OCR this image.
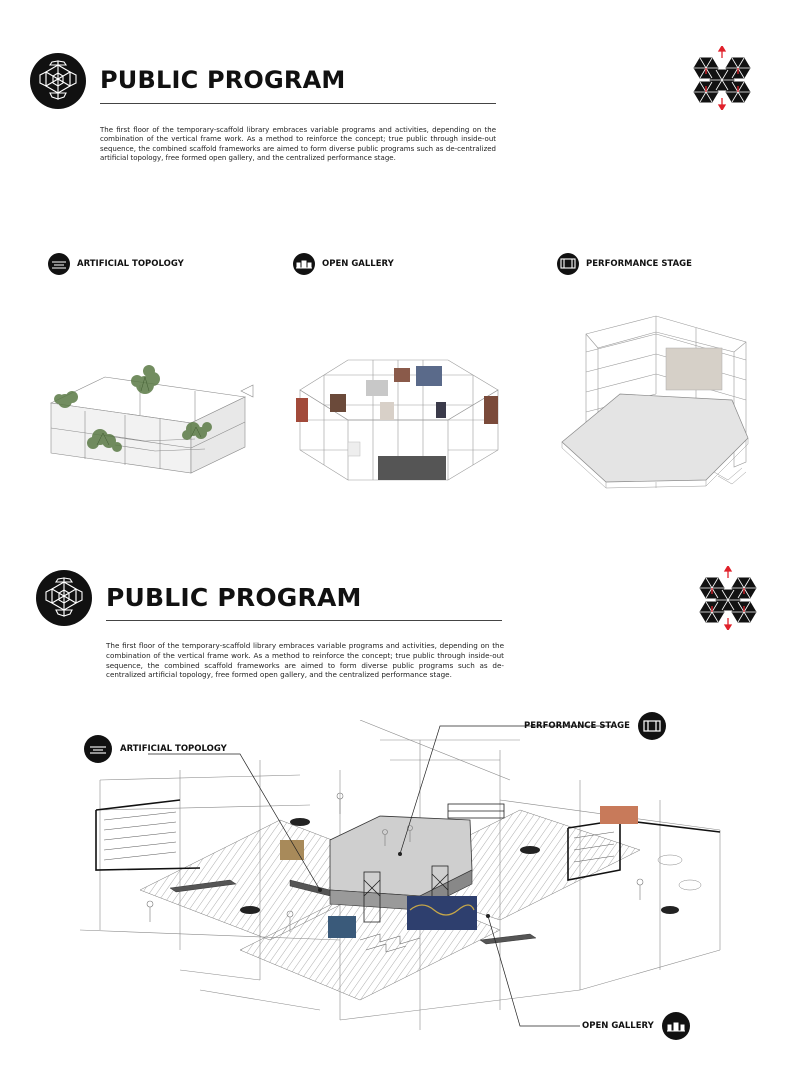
PUBLIC PROGRAM
The first floor of the temporary-scaffold library embraces variable programs and activities, depending on the combination of the vertical frame work. As a method to reinforce the concept; true public through inside-out sequence, the combined scaffold frameworks are aimed to form diverse public programs such as de-centralized artificial topology, free formed open gallery, and the centralized performance stage.
ARTIFICIAL TOPOLOGY	OPEN GALLERY	PERFORMANCE STAGE
PUBLIC PROGRAM
The first floor of the temporary-scaffold library embraces variable programs and activities, depending on the combination of the vertical frame work. As a method to reinforce the concept; true public through inside-out sequence, the combined scaffold frameworks are aimed to form diverse public programs such as de-centralized artificial topology, free formed open gallery, and the centralized performance stage.
PERFORMANCE STAGE
ARTIFICIAL TOPOLOGY
OPEN GALLERY
